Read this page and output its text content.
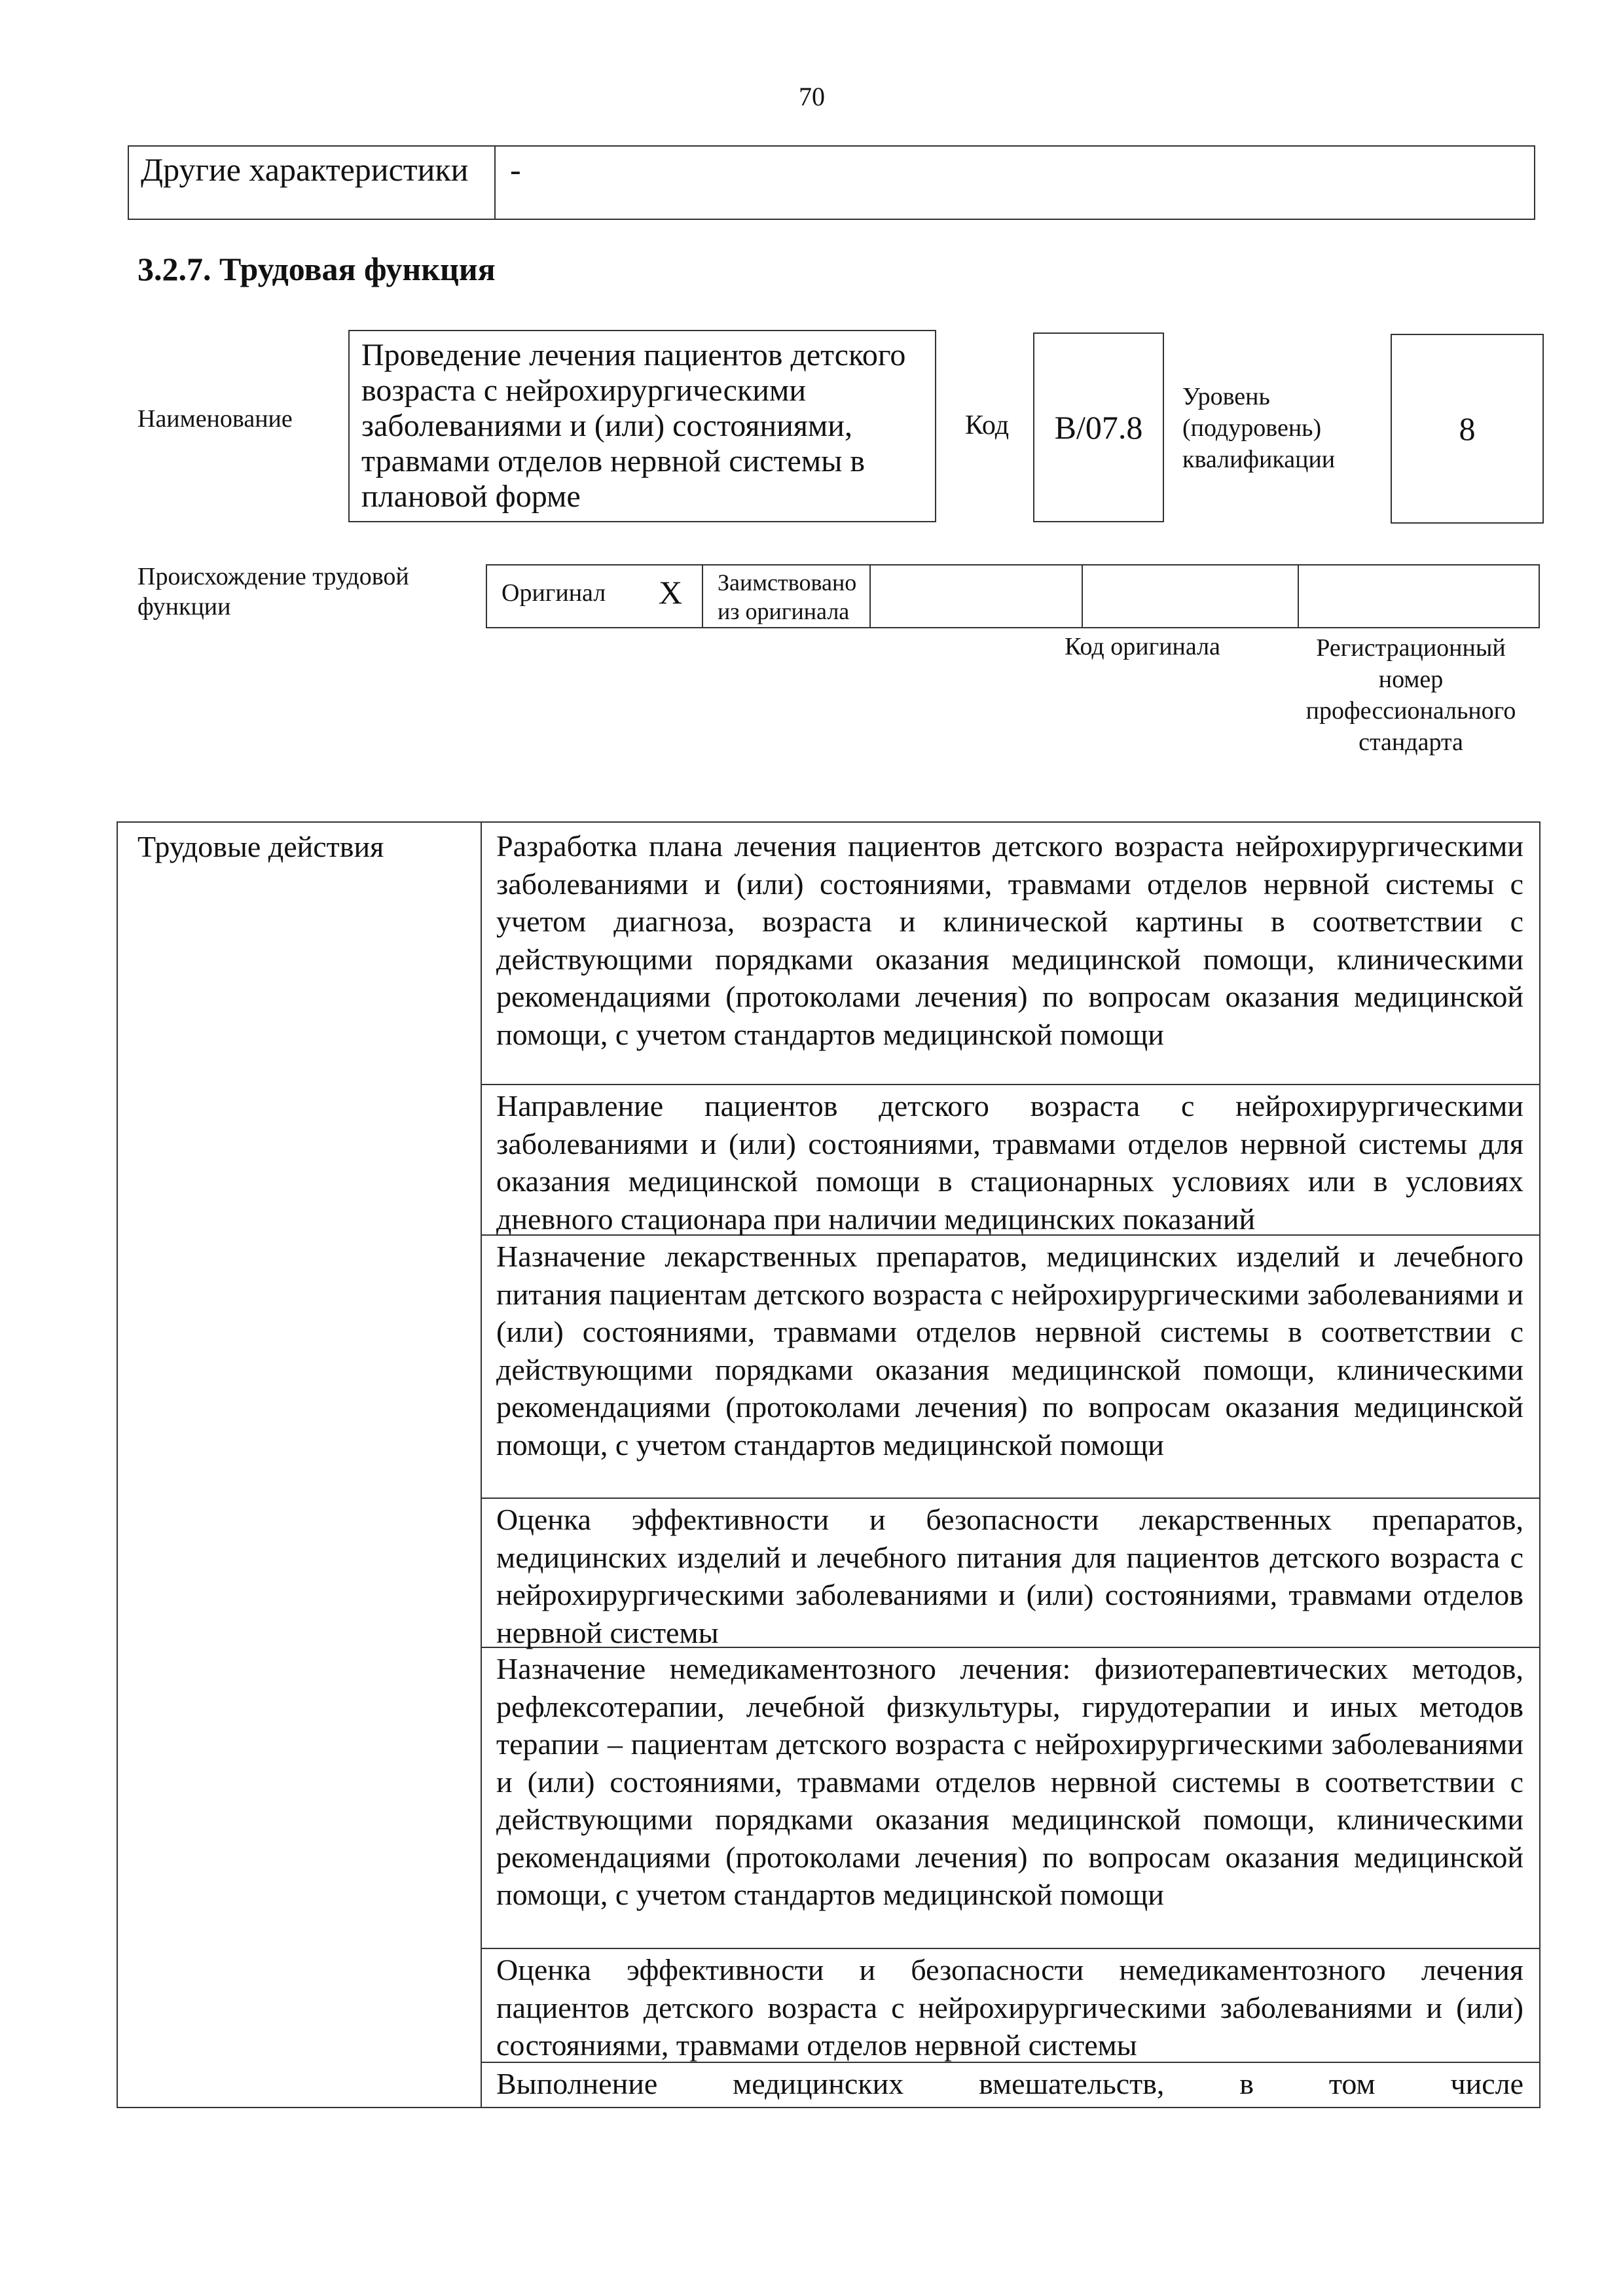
70
Другие характеристики	-
3.2.7. Трудовая функция
Наименование
Проведение лечения пациентов детского возраста с нейрохирургическими заболеваниями и (или) состояниями, травмами отделов нервной системы в плановой форме
Код	В/07.8
Уровень (подуровень) квалификации
8
Происхождение трудовой функции	Оригинал X Заимствовано из оригинала
Код оригинала	Регистрационный номер профессионального стандарта
Трудовые действия	Разработка плана лечения пациентов детского возраста нейрохирургическими заболеваниями и (или) состояниями, травмами отделов нервной системы с учетом диагноза, возраста и клинической картины в соответствии с действующими порядками оказания медицинской помощи, клиническими рекомендациями (протоколами лечения) по вопросам оказания медицинской помощи, с учетом стандартов медицинской помощи
Направление пациентов детского возраста с нейрохирургическими заболеваниями и (или) состояниями, травмами отделов нервной системы для оказания медицинской помощи в стационарных условиях или в условиях дневного стационара при наличии медицинских показаний
Назначение лекарственных препаратов, медицинских изделий и лечебного питания пациентам детского возраста с нейрохирургическими заболеваниями и (или) состояниями, травмами отделов нервной системы в соответствии с действующими порядками оказания медицинской помощи, клиническими рекомендациями (протоколами лечения) по вопросам оказания медицинской помощи, с учетом стандартов медицинской помощи
Оценка эффективности и безопасности лекарственных препаратов, медицинских изделий и лечебного питания для пациентов детского возраста с нейрохирургическими заболеваниями и (или) состояниями, травмами отделов нервной системы
Назначение немедикаментозного лечения: физиотерапевтических методов, рефлексотерапии, лечебной физкультуры, гирудотерапии и иных методов терапии – пациентам детского возраста с нейрохирургическими заболеваниями и (или) состояниями, травмами отделов нервной системы в соответствии с действующими порядками оказания медицинской помощи, клиническими рекомендациями (протоколами лечения) по вопросам оказания медицинской помощи, с учетом стандартов медицинской помощи
Оценка эффективности и безопасности немедикаментозного лечения пациентов детского возраста с нейрохирургическими заболеваниями и (или) состояниями, травмами отделов нервной системы
Выполнение медицинских вмешательств, в том числе
